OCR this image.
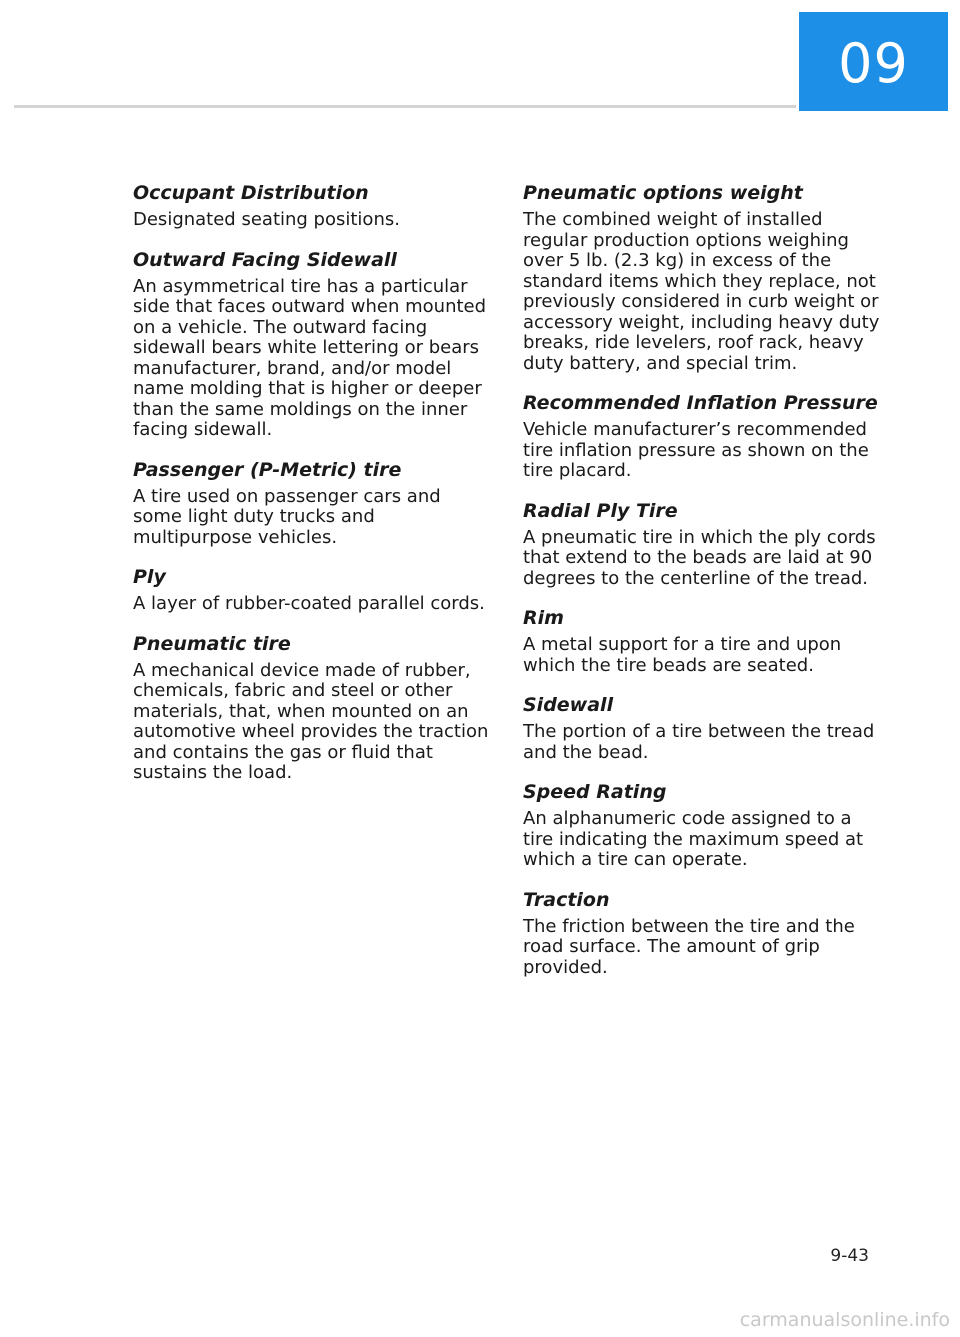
09

Occupant Distribution

Designated seating positions.

Outward Facing Sidewall

An asymmetrical tire has a particular side that faces outward when mounted on a vehicle. The outward facing sidewall bears white lettering or bears manufacturer, brand, and/or model name molding that is higher or deeper than the same moldings on the inner facing sidewall.

Passenger (P-Metric) tire

A tire used on passenger cars and some light duty trucks and multipurpose vehicles.

Ply

A layer of rubber-coated parallel cords.

Pneumatic tire

A mechanical device made of rubber, chemicals, fabric and steel or other materials, that, when mounted on an automotive wheel provides the traction and contains the gas or fluid that sustains the load.

Pneumatic options weight

The combined weight of installed regular production options weighing over 5 lb. (2.3 kg) in excess of the standard items which they replace, not previously considered in curb weight or accessory weight, including heavy duty breaks, ride levelers, roof rack, heavy duty battery, and special trim.

Recommended Inflation Pressure

Vehicle manufacturer’s recommended tire inflation pressure as shown on the tire placard.

Radial Ply Tire

A pneumatic tire in which the ply cords that extend to the beads are laid at 90 degrees to the centerline of the tread.

Rim

A metal support for a tire and upon which the tire beads are seated.

Sidewall

The portion of a tire between the tread and the bead.

Speed Rating

An alphanumeric code assigned to a tire indicating the maximum speed at which a tire can operate.

Traction

The friction between the tire and the road surface. The amount of grip provided.

9-43
carmanualsonline.info
